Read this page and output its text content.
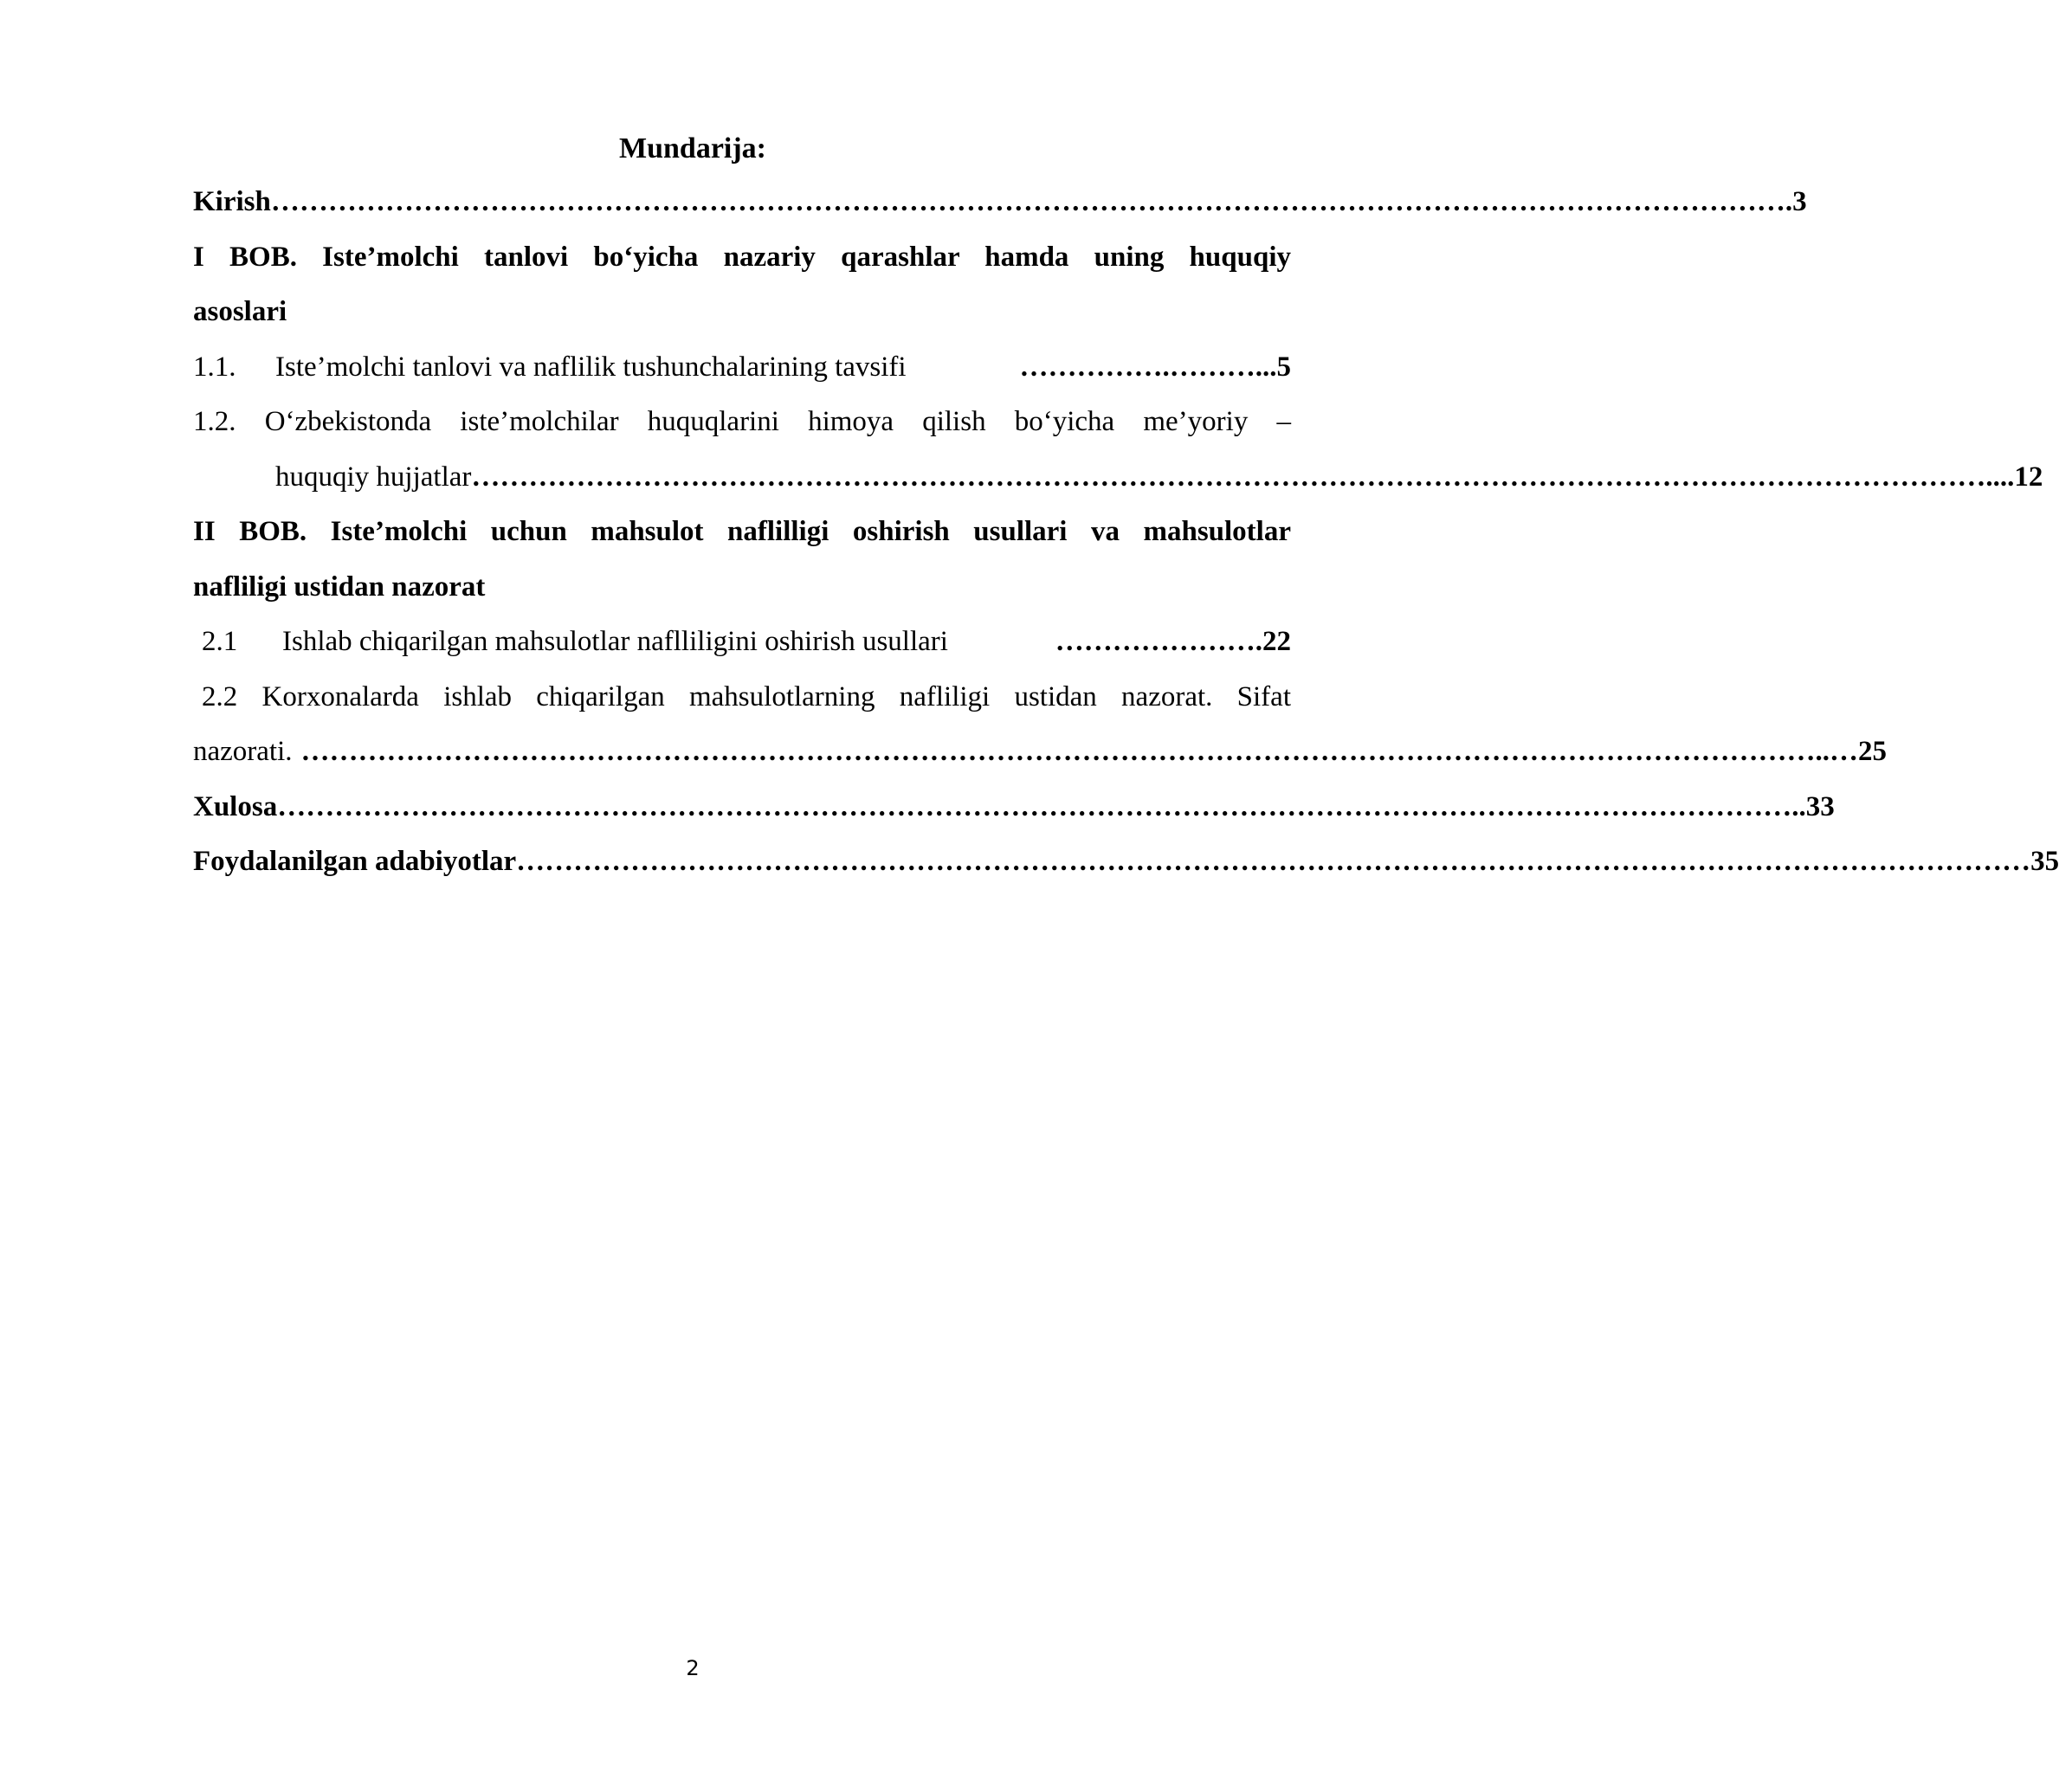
Mundarija:
Kirish …………………………………………………………………………………………………………………………………………… .3
I BOB. Iste’molchi tanlovi bo‘yicha nazariy qarashlar hamda uning huquqiy
asoslari
1.1. Iste’molchi tanlovi va naflilik tushunchalarining tavsifi	…………….………... 5
1.2. O‘zbekistonda iste’molchilar huquqlarini himoya qilish bo‘yicha me’yoriy –
huquqiy hujjatlar …………………………………………………………………………………………………………………………………………… ....12
II BOB. Iste’molchi uchun mahsulot naflilligi oshirish usullari va mahsulotlar
nafliligi ustidan nazorat
2.1 Ishlab chiqarilgan mahsulotlar naflliligini oshirish usullari	…………………. 22
2.2 Korxonalarda ishlab chiqarilgan mahsulotlarning nafliligi ustidan nazorat. Sifat
nazorati. …………………………………………………………………………………………………………………………………………… ..…25
Xulosa …………………………………………………………………………………………………………………………………………… ..33
Foydalanilgan adabiyotlar …………………………………………………………………………………………………………………………………………… 35
2
